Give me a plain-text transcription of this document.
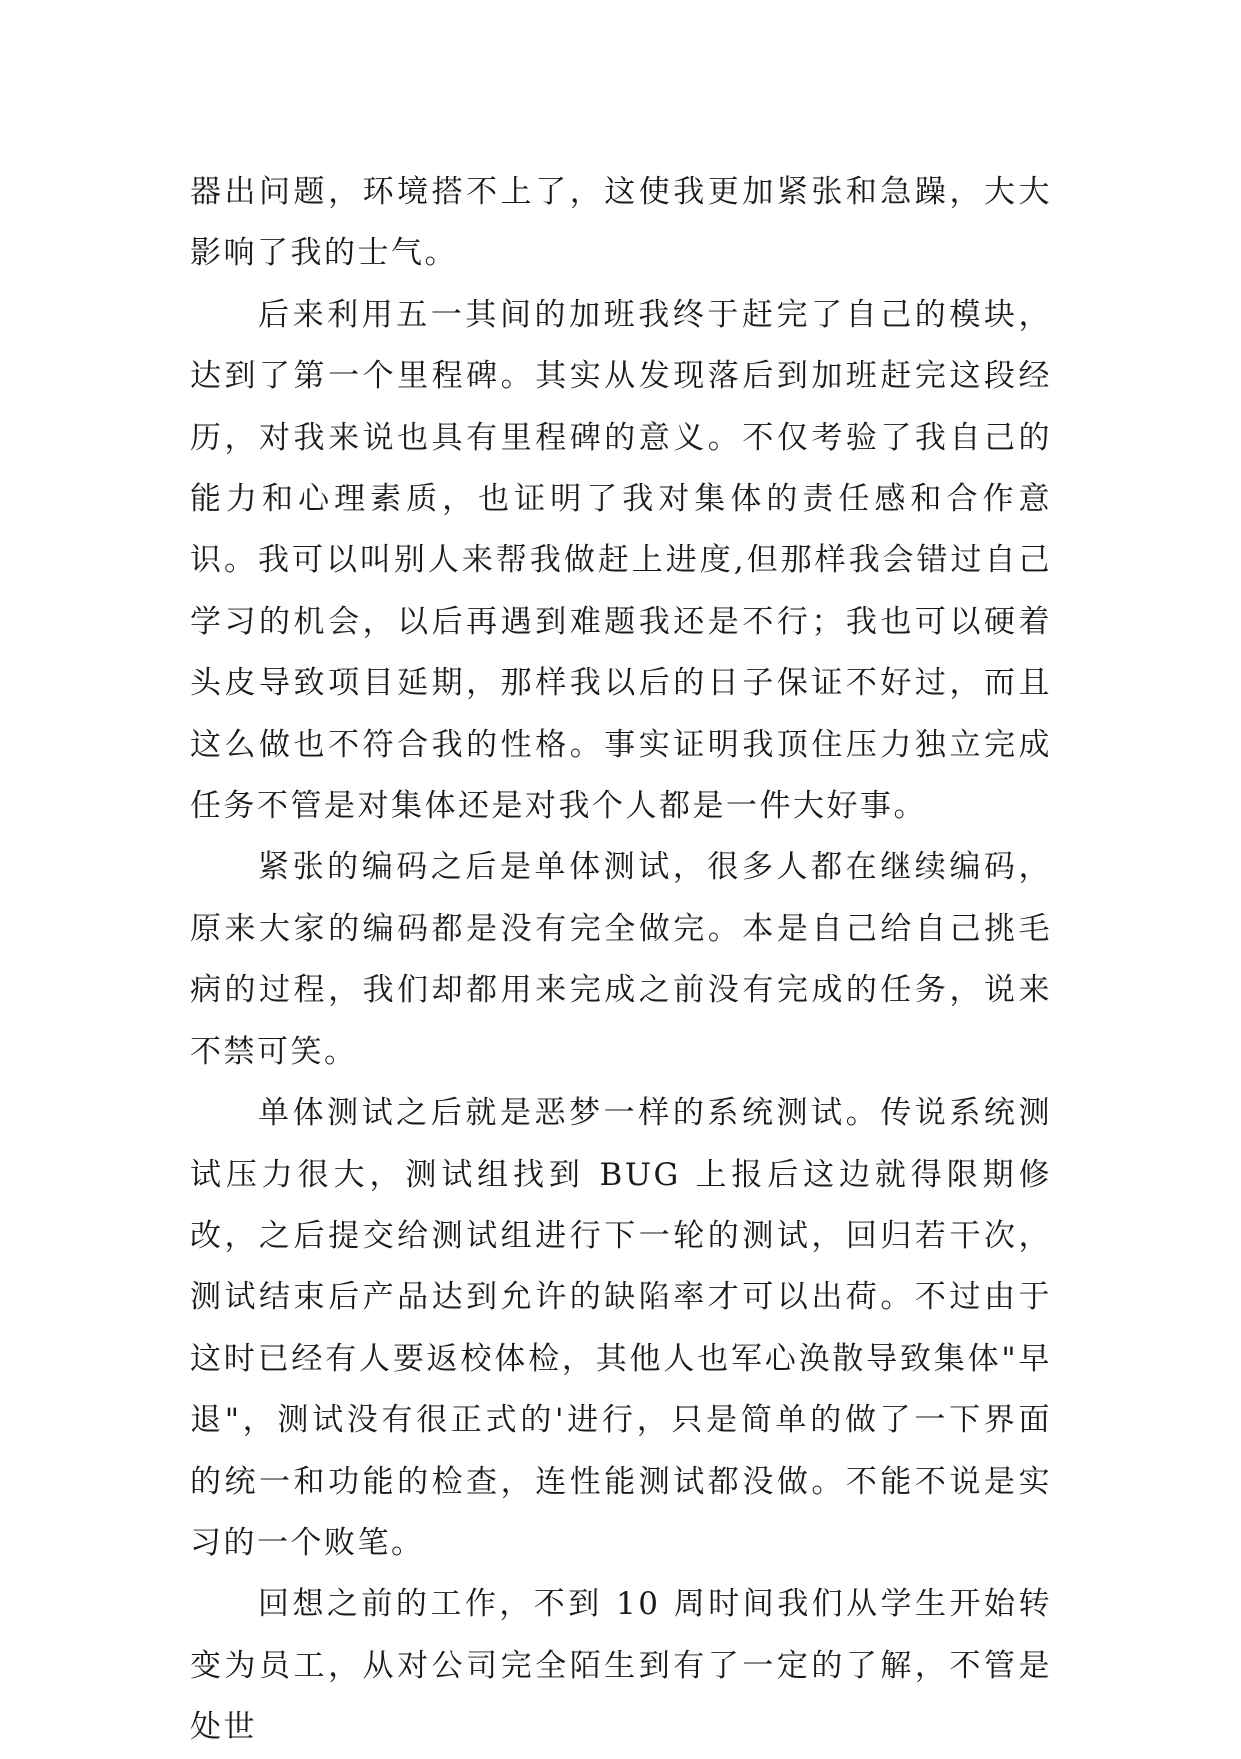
器出问题，环境搭不上了，这使我更加紧张和急躁，大大影响了我的士气。

后来利用五一其间的加班我终于赶完了自己的模块，达到了第一个里程碑。其实从发现落后到加班赶完这段经历，对我来说也具有里程碑的意义。不仅考验了我自己的能力和心理素质，也证明了我对集体的责任感和合作意识。我可以叫别人来帮我做赶上进度,但那样我会错过自己学习的机会，以后再遇到难题我还是不行；我也可以硬着头皮导致项目延期，那样我以后的日子保证不好过，而且这么做也不符合我的性格。事实证明我顶住压力独立完成任务不管是对集体还是对我个人都是一件大好事。

紧张的编码之后是单体测试，很多人都在继续编码，原来大家的编码都是没有完全做完。本是自己给自己挑毛病的过程，我们却都用来完成之前没有完成的任务，说来不禁可笑。

单体测试之后就是恶梦一样的系统测试。传说系统测试压力很大，测试组找到 BUG 上报后这边就得限期修改，之后提交给测试组进行下一轮的测试，回归若干次，测试结束后产品达到允许的缺陷率才可以出荷。不过由于这时已经有人要返校体检，其他人也军心涣散导致集体"早退"，测试没有很正式的'进行，只是简单的做了一下界面的统一和功能的检查，连性能测试都没做。不能不说是实习的一个败笔。

回想之前的工作，不到 10 周时间我们从学生开始转变为员工，从对公司完全陌生到有了一定的了解，不管是处世
